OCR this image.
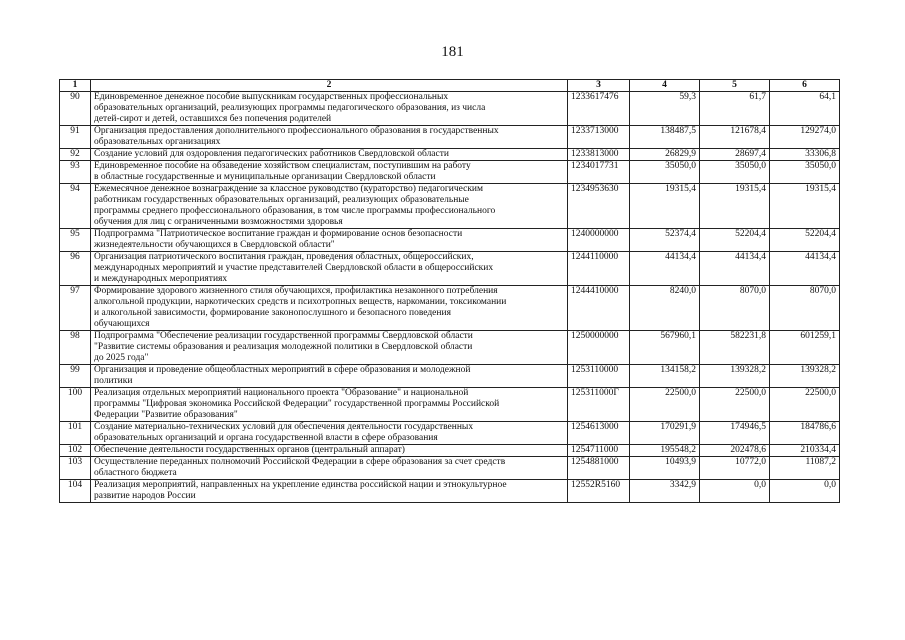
181
1	2	3	4	5	6
90	Единовременное денежное пособие выпускникам государственных профессиональных
образовательных организаций, реализующих программы педагогического образования, из числа
детей-сирот и детей, оставшихся без попечения родителей	1233617476	59,3	61,7	64,1
91	Организация предоставления дополнительного профессионального образования в государственных
образовательных организациях	1233713000	138487,5	121678,4	129274,0
92	Создание условий для оздоровления педагогических работников Свердловской области	1233813000	26829,9	28697,4	33306,8
93	Единовременное пособие на обзаведение хозяйством специалистам, поступившим на работу
в областные государственные и муниципальные организации Свердловской области	1234017731	35050,0	35050,0	35050,0
94	Ежемесячное денежное вознаграждение за классное руководство (кураторство) педагогическим
работникам государственных образовательных организаций, реализующих образовательные
программы среднего профессионального образования, в том числе программы профессионального
обучения для лиц с ограниченными возможностями здоровья	1234953630	19315,4	19315,4	19315,4
95	Подпрограмма "Патриотическое воспитание граждан и формирование основ безопасности
жизнедеятельности обучающихся в Свердловской области"	1240000000	52374,4	52204,4	52204,4
96	Организация патриотического воспитания граждан, проведения областных, общероссийских,
международных мероприятий и участие представителей Свердловской области в общероссийских
и международных мероприятиях	1244110000	44134,4	44134,4	44134,4
97	Формирование здорового жизненного стиля обучающихся, профилактика незаконного потребления
алкогольной продукции, наркотических средств и психотропных веществ, наркомании, токсикомании
и алкогольной зависимости, формирование законопослушного и безопасного поведения
обучающихся	1244410000	8240,0	8070,0	8070,0
98	Подпрограмма "Обеспечение реализации государственной программы Свердловской области
"Развитие системы образования и реализация молодежной политики в Свердловской области
до 2025 года"	1250000000	567960,1	582231,8	601259,1
99	Организация и проведение общеобластных мероприятий в сфере образования и молодежной
политики	1253110000	134158,2	139328,2	139328,2
100	Реализация отдельных мероприятий национального проекта "Образование" и национальной
программы "Цифровая экономика Российской Федерации" государственной программы Российской
Федерации "Развитие образования"	125311000Г	22500,0	22500,0	22500,0
101	Создание материально-технических условий для обеспечения деятельности государственных
образовательных организаций и органа государственной власти в сфере образования	1254613000	170291,9	174946,5	184786,6
102	Обеспечение деятельности государственных органов (центральный аппарат)	1254711000	195548,2	202478,6	210334,4
103	Осуществление переданных полномочий Российской Федерации в сфере образования за счет средств
областного бюджета	1254881000	10493,9	10772,0	11087,2
104	Реализация мероприятий, направленных на укрепление единства российской нации и этнокультурное
развитие народов России	12552R5160	3342,9	0,0	0,0
